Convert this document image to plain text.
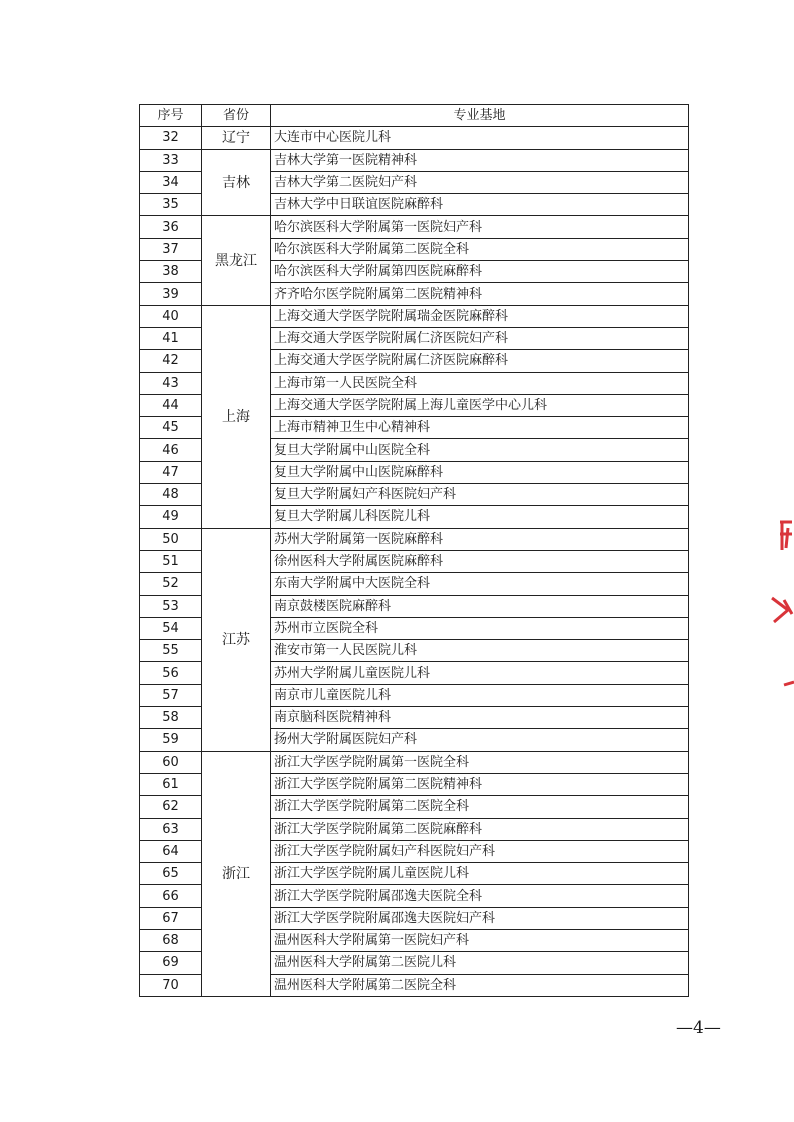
序号	省份	专业基地
32	辽宁	大连市中心医院儿科
33	吉林	吉林大学第一医院精神科
34		吉林大学第二医院妇产科
35		吉林大学中日联谊医院麻醉科
36	黑龙江	哈尔滨医科大学附属第一医院妇产科
37		哈尔滨医科大学附属第二医院全科
38		哈尔滨医科大学附属第四医院麻醉科
39		齐齐哈尔医学院附属第二医院精神科
40	上海	上海交通大学医学院附属瑞金医院麻醉科
41		上海交通大学医学院附属仁济医院妇产科
42		上海交通大学医学院附属仁济医院麻醉科
43		上海市第一人民医院全科
44		上海交通大学医学院附属上海儿童医学中心儿科
45		上海市精神卫生中心精神科
46		复旦大学附属中山医院全科
47		复旦大学附属中山医院麻醉科
48		复旦大学附属妇产科医院妇产科
49		复旦大学附属儿科医院儿科
50	江苏	苏州大学附属第一医院麻醉科
51		徐州医科大学附属医院麻醉科
52		东南大学附属中大医院全科
53		南京鼓楼医院麻醉科
54		苏州市立医院全科
55		淮安市第一人民医院儿科
56		苏州大学附属儿童医院儿科
57		南京市儿童医院儿科
58		南京脑科医院精神科
59		扬州大学附属医院妇产科
60	浙江	浙江大学医学院附属第一医院全科
61		浙江大学医学院附属第二医院精神科
62		浙江大学医学院附属第二医院全科
63		浙江大学医学院附属第二医院麻醉科
64		浙江大学医学院附属妇产科医院妇产科
65		浙江大学医学院附属儿童医院儿科
66		浙江大学医学院附属邵逸夫医院全科
67		浙江大学医学院附属邵逸夫医院妇产科
68		温州医科大学附属第一医院妇产科
69		温州医科大学附属第二医院儿科
70		温州医科大学附属第二医院全科
—4—
